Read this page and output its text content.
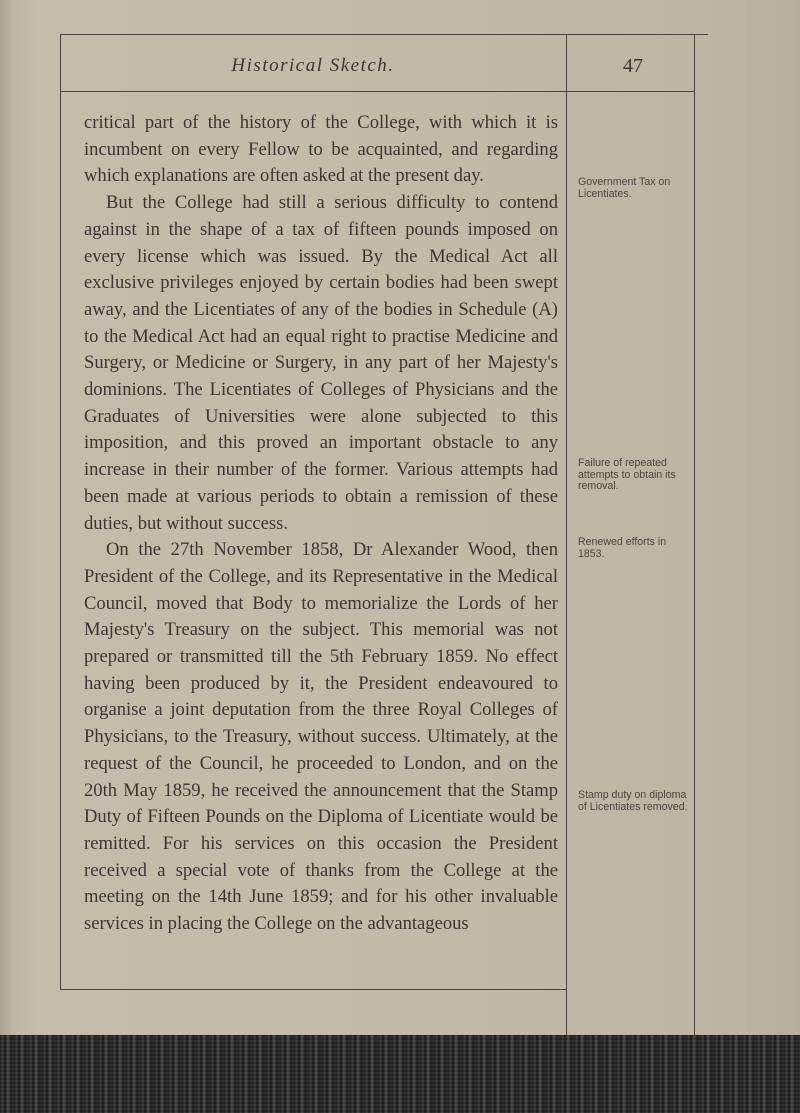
Historical Sketch.	47

critical part of the history of the College, with which it is incumbent on every Fellow to be acquainted, and regarding which explanations are often asked at the present day.

But the College had still a serious difficulty to contend against in the shape of a tax of fifteen pounds imposed on every license which was issued. By the Medical Act all exclusive privileges enjoyed by certain bodies had been swept away, and the Licentiates of any of the bodies in Schedule (A) to the Medical Act had an equal right to practise Medicine and Surgery, or Medicine or Surgery, in any part of her Majesty's dominions. The Licentiates of Colleges of Physicians and the Graduates of Universities were alone subjected to this imposition, and this proved an important obstacle to any increase in their number of the former. Various attempts had been made at various periods to obtain a remission of these duties, but without success.

On the 27th November 1858, Dr Alexander Wood, then President of the College, and its Representative in the Medical Council, moved that Body to memorialize the Lords of her Majesty's Treasury on the subject. This memorial was not prepared or transmitted till the 5th February 1859. No effect having been produced by it, the President endeavoured to organise a joint deputation from the three Royal Colleges of Physicians, to the Treasury, without success. Ultimately, at the request of the Council, he proceeded to London, and on the 20th May 1859, he received the announcement that the Stamp Duty of Fifteen Pounds on the Diploma of Licentiate would be remitted. For his services on this occasion the President received a special vote of thanks from the College at the meeting on the 14th June 1859; and for his other invaluable services in placing the College on the advantageous

Government Tax on Licentiates.
Failure of repeated attempts to obtain its removal.
Renewed efforts in 1853.
Stamp duty on diploma of Licentiates removed.
